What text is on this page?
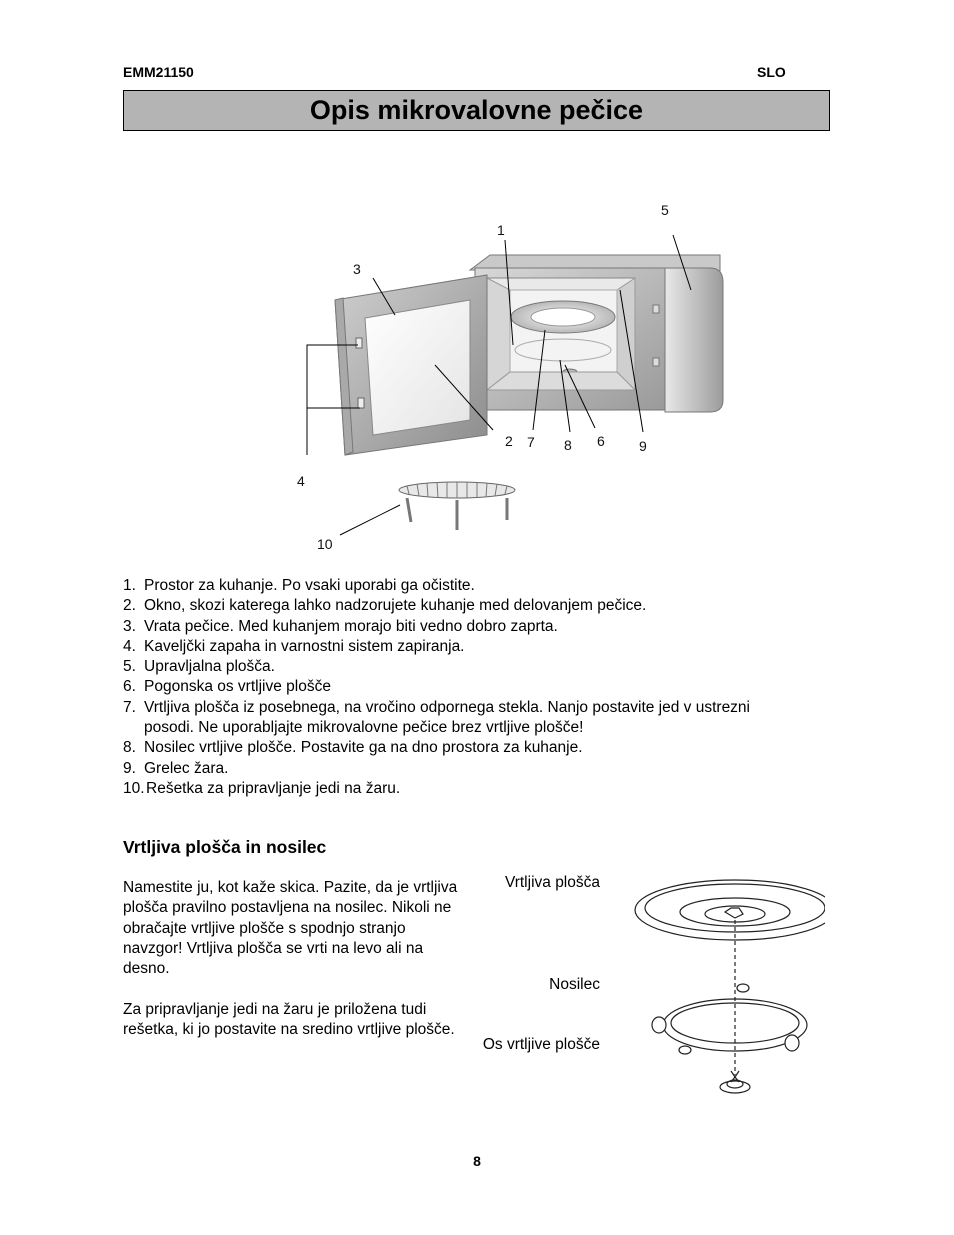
EMM21150	SLO
Opis mikrovalovne pečice
1
2
3
4
5
6
7 8	9
10
1. Prostor za kuhanje. Po vsaki uporabi ga očistite.
2. Okno, skozi katerega lahko nadzorujete kuhanje med delovanjem pečice.
3. Vrata pečice. Med kuhanjem morajo biti vedno dobro zaprta.
4. Kaveljčki zapaha in varnostni sistem zapiranja.
5. Upravljalna plošča.
6. Pogonska os vrtljive plošče
7. Vrtljiva plošča iz posebnega, na vročino odpornega stekla. Nanjo postavite jed v ustrezni posodi. Ne uporabljajte mikrovalovne pečice brez vrtljive plošče!
8. Nosilec vrtljive plošče. Postavite ga na dno prostora za kuhanje.
9. Grelec žara.
10. Rešetka za pripravljanje jedi na žaru.
Vrtljiva plošča in nosilec
Namestite ju, kot kaže skica. Pazite, da je vrtljiva plošča pravilno postavljena na nosilec. Nikoli ne obračajte vrtljive plošče s spodnjo stranjo navzgor! Vrtljiva plošča se vrti na levo ali na desno.
Za pripravljanje jedi na žaru je priložena tudi rešetka, ki jo postavite na sredino vrtljive plošče.
Vrtljiva plošča
Nosilec
Os vrtljive plošče
8
